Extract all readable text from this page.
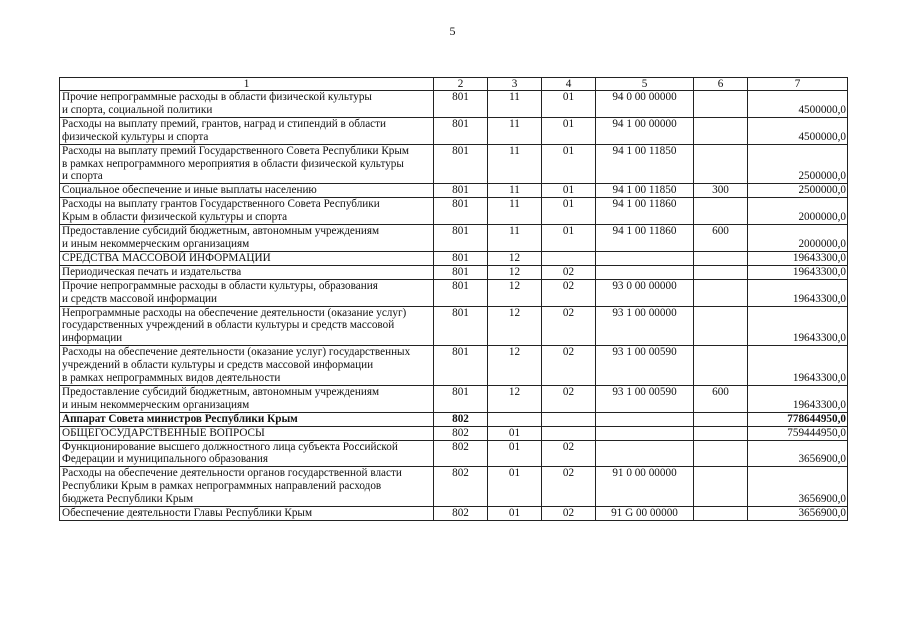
5
1	2	3	4	5	6	7
Прочие непрограммные расходы в области физической культуры
и спорта, социальной политики	801	11	01	94 0 00 00000		4500000,0
Расходы на выплату премий, грантов, наград и стипендий в области
физической культуры и спорта	801	11	01	94 1 00 00000		4500000,0
Расходы на выплату премий Государственного Совета Республики Крым
в рамках непрограммного мероприятия в области физической культуры
и спорта	801	11	01	94 1 00 11850		2500000,0
Социальное обеспечение и иные выплаты населению	801	11	01	94 1 00 11850	300	2500000,0
Расходы на выплату грантов Государственного Совета Республики
Крым в области физической культуры и спорта	801	11	01	94 1 00 11860		2000000,0
Предоставление субсидий бюджетным, автономным учреждениям
и иным некоммерческим организациям	801	11	01	94 1 00 11860	600	2000000,0
СРЕДСТВА МАССОВОЙ ИНФОРМАЦИИ	801	12				19643300,0
Периодическая печать и издательства	801	12	02			19643300,0
Прочие непрограммные расходы в области культуры, образования
и средств массовой информации	801	12	02	93 0 00 00000		19643300,0
Непрограммные расходы на обеспечение деятельности (оказание услуг)
государственных учреждений в области культуры и средств массовой
информации	801	12	02	93 1 00 00000		19643300,0
Расходы на обеспечение деятельности (оказание услуг) государственных
учреждений в области культуры и средств массовой информации
в рамках непрограммных видов деятельности	801	12	02	93 1 00 00590		19643300,0
Предоставление субсидий бюджетным, автономным учреждениям
и иным некоммерческим организациям	801	12	02	93 1 00 00590	600	19643300,0
Аппарат Совета министров Республики Крым	802					778644950,0
ОБЩЕГОСУДАРСТВЕННЫЕ ВОПРОСЫ	802	01				759444950,0
Функционирование высшего должностного лица субъекта Российской
Федерации и муниципального образования	802	01	02			3656900,0
Расходы на обеспечение деятельности органов государственной власти
Республики Крым в рамках непрограммных направлений расходов
бюджета Республики Крым	802	01	02	91 0 00 00000		3656900,0
Обеспечение деятельности Главы Республики Крым	802	01	02	91 G 00 00000		3656900,0
